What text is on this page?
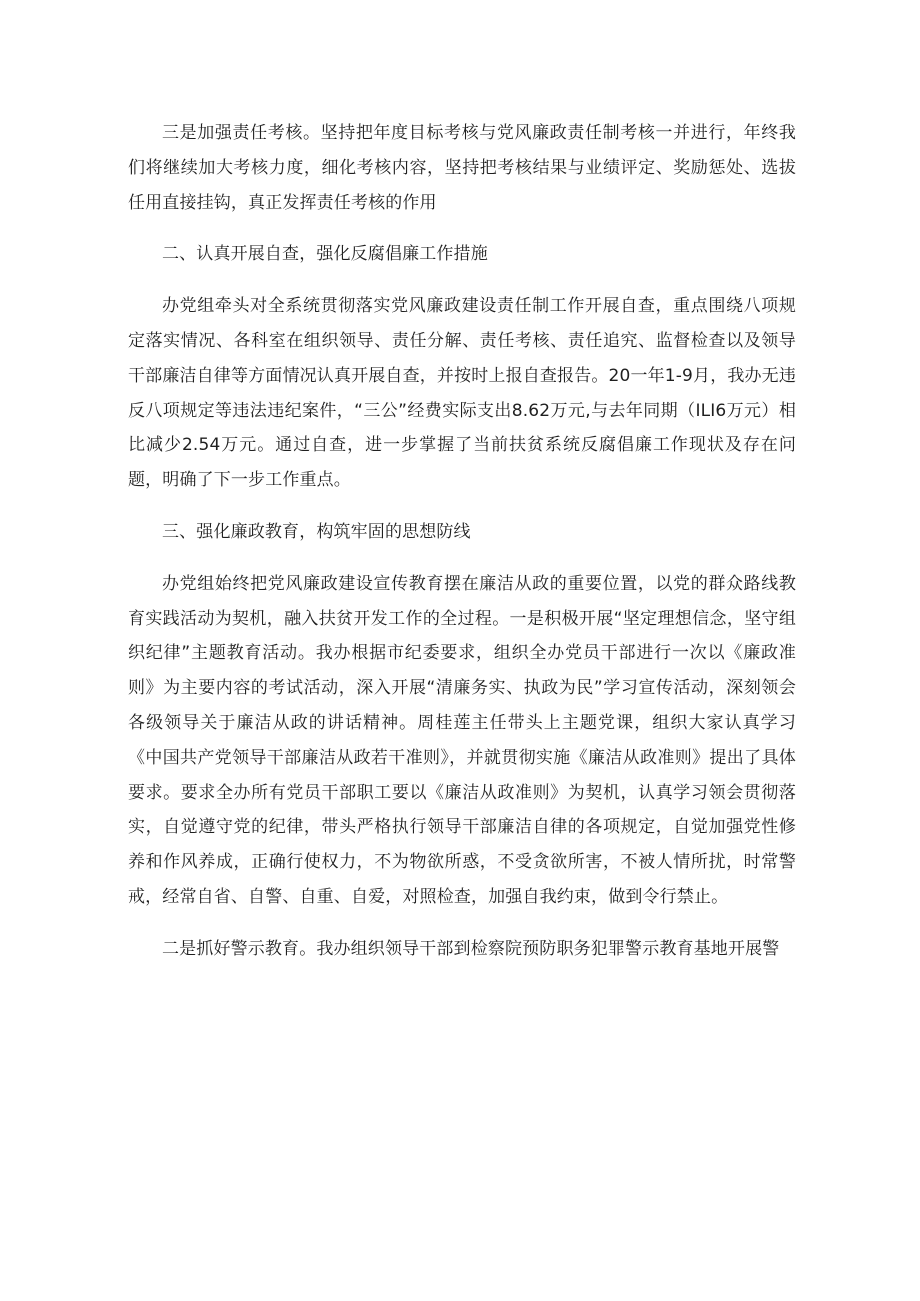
三是加强责任考核。坚持把年度目标考核与党风廉政责任制考核一并进行，年终我们将继续加大考核力度，细化考核内容，坚持把考核结果与业绩评定、奖励惩处、选拔任用直接挂钩，真正发挥责任考核的作用

二、认真开展自查，强化反腐倡廉工作措施

办党组牵头对全系统贯彻落实党风廉政建设责任制工作开展自查，重点围绕八项规定落实情况、各科室在组织领导、责任分解、责任考核、责任追究、监督检查以及领导干部廉洁自律等方面情况认真开展自查，并按时上报自查报告。20一年1-9月，我办无违反八项规定等违法违纪案件，“三公”经费实际支出8.62万元,与去年同期（ILI6万元）相比减少2.54万元。通过自查，进一步掌握了当前扶贫系统反腐倡廉工作现状及存在问题，明确了下一步工作重点。

三、强化廉政教育，构筑牢固的思想防线

办党组始终把党风廉政建设宣传教育摆在廉洁从政的重要位置，以党的群众路线教育实践活动为契机，融入扶贫开发工作的全过程。一是积极开展“坚定理想信念，坚守组织纪律”主题教育活动。我办根据市纪委要求，组织全办党员干部进行一次以《廉政准则》为主要内容的考试活动，深入开展“清廉务实、执政为民”学习宣传活动，深刻领会各级领导关于廉洁从政的讲话精神。周桂莲主任带头上主题党课，组织大家认真学习《中国共产党领导干部廉洁从政若干准则》，并就贯彻实施《廉洁从政准则》提出了具体要求。要求全办所有党员干部职工要以《廉洁从政准则》为契机，认真学习领会贯彻落实，自觉遵守党的纪律，带头严格执行领导干部廉洁自律的各项规定，自觉加强党性修养和作风养成，正确行使权力，不为物欲所惑，不受贪欲所害，不被人情所扰，时常警戒，经常自省、自警、自重、自爱，对照检查，加强自我约束，做到令行禁止。

二是抓好警示教育。我办组织领导干部到检察院预防职务犯罪警示教育基地开展警
